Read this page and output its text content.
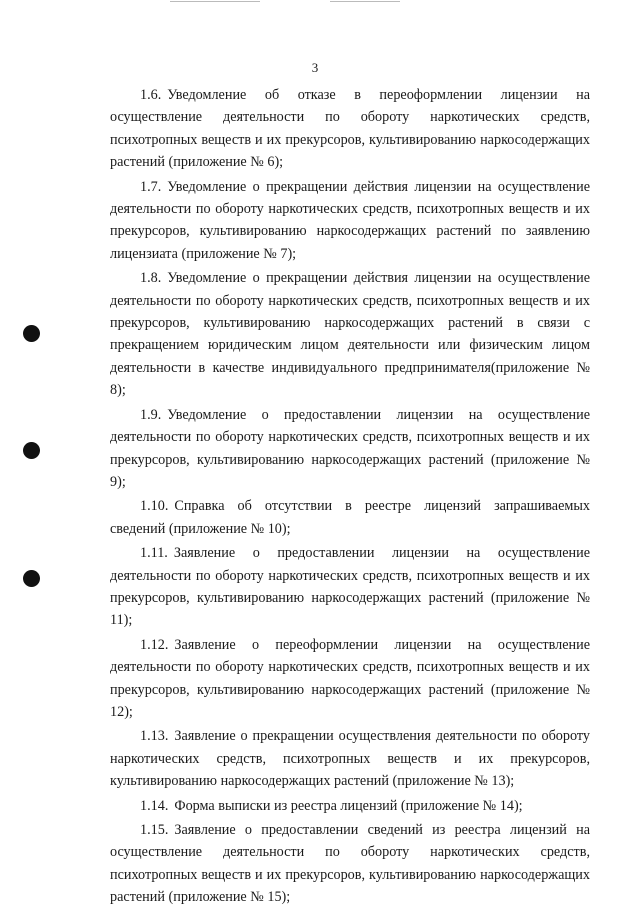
3

1.6. Уведомление об отказе в переоформлении лицензии на осуществление деятельности по обороту наркотических средств, психотропных веществ и их прекурсоров, культивированию наркосодержащих растений (приложение № 6);

1.7. Уведомление о прекращении действия лицензии на осуществление деятельности по обороту наркотических средств, психотропных веществ и их прекурсоров, культивированию наркосодержащих растений по заявлению лицензиата (приложение № 7);

1.8. Уведомление о прекращении действия лицензии на осуществление деятельности по обороту наркотических средств, психотропных веществ и их прекурсоров, культивированию наркосодержащих растений в связи с прекращением юридическим лицом деятельности или физическим лицом деятельности в качестве индивидуального предпринимателя(приложение № 8);

1.9. Уведомление о предоставлении лицензии на осуществление деятельности по обороту наркотических средств, психотропных веществ и их прекурсоров, культивированию наркосодержащих растений (приложение № 9);

1.10. Справка об отсутствии в реестре лицензий запрашиваемых сведений (приложение № 10);

1.11. Заявление о предоставлении лицензии на осуществление деятельности по обороту наркотических средств, психотропных веществ и их прекурсоров, культивированию наркосодержащих растений (приложение № 11);

1.12. Заявление о переоформлении лицензии на осуществление деятельности по обороту наркотических средств, психотропных веществ и их прекурсоров, культивированию наркосодержащих растений (приложение № 12);

1.13. Заявление о прекращении осуществления деятельности по обороту наркотических средств, психотропных веществ и их прекурсоров, культивированию наркосодержащих растений (приложение № 13);

1.14. Форма выписки из реестра лицензий (приложение № 14);

1.15. Заявление о предоставлении сведений из реестра лицензий на осуществление деятельности по обороту наркотических средств, психотропных веществ и их прекурсоров, культивированию наркосодержащих растений (приложение № 15);
